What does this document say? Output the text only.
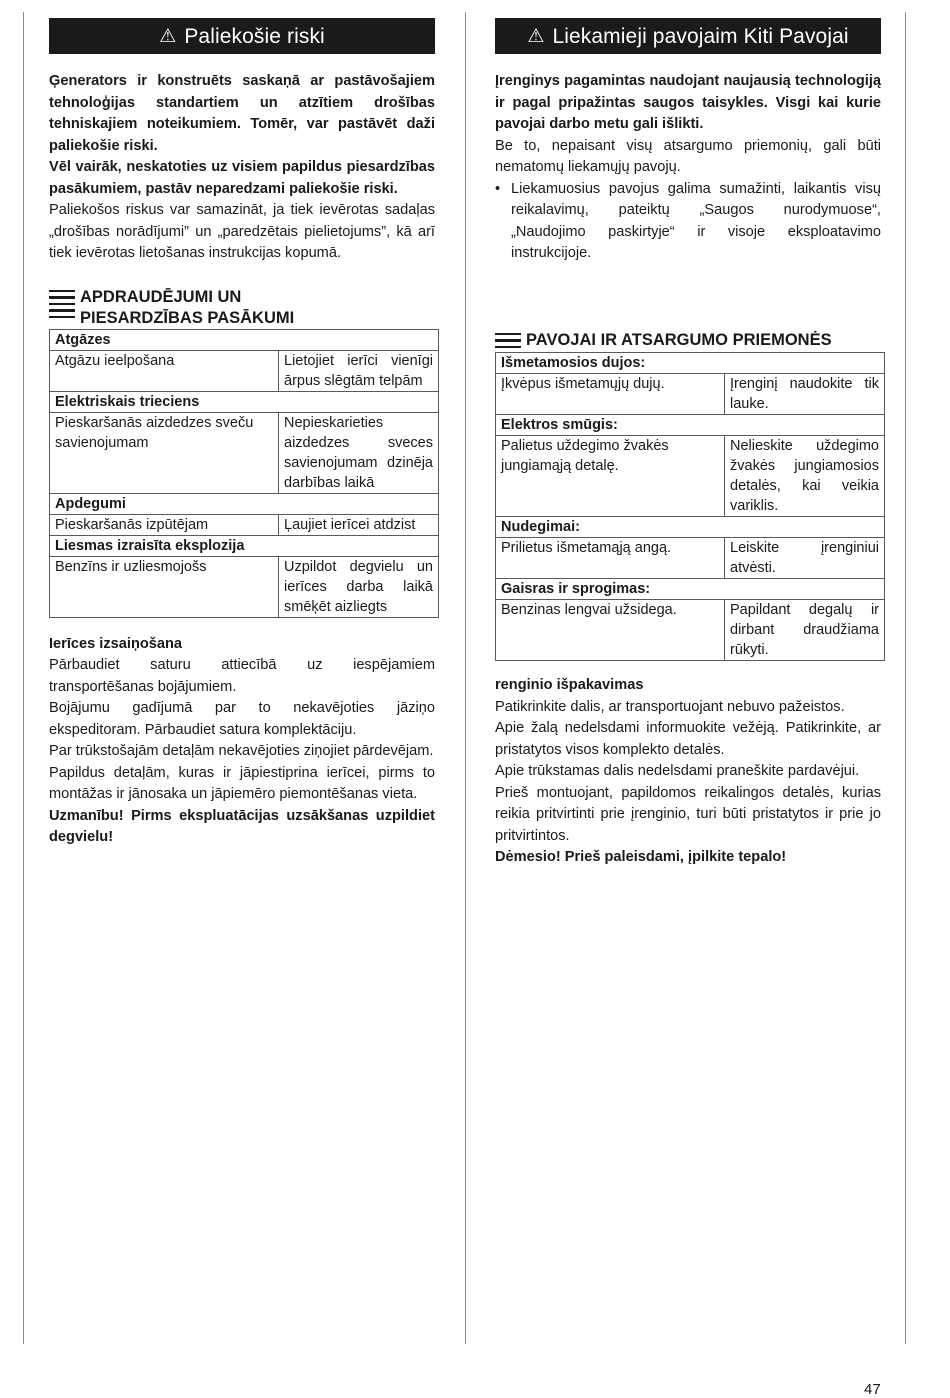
⚠ Paliekošie riski

Ģenerators ir konstruēts saskaņā ar pastāvošajiem tehnoloģijas standartiem un atzītiem drošības tehniskajiem noteikumiem. Tomēr, var pastāvēt daži paliekošie riski.

Vēl vairāk, neskatoties uz visiem papildus piesardzības pasākumiem, pastāv neparedzami paliekošie riski.

Paliekošos riskus var samazināt, ja tiek ievērotas sadaļas „drošības norādījumi” un „paredzētais pielietojums”, kā arī tiek ievērotas lietošanas instrukcijas kopumā.

APDRAUDĒJUMI UN
PIESARDZĪBAS PASĀKUMI
Atgāzes	
Atgāzu ieelpošana	Lietojiet ierīci vienīgi ārpus slēgtām telpām
Elektriskais trieciens	
Pieskaršanās aizdedzes sveču savienojumam	Nepieskarieties aizdedzes sveces savienojumam dzinēja darbības laikā
Apdegumi	
Pieskaršanās izpūtējam	Ļaujiet ierīcei atdzist
Liesmas izraisīta eksplozija	
Benzīns ir uzliesmojošs	Uzpildot degvielu un ierīces darba laikā smēķēt aizliegts
Ierīces izsaiņošana

Pārbaudiet saturu attiecībā uz iespējamiem transportēšanas bojājumiem.

Bojājumu gadījumā par to nekavējoties jāziņo ekspeditoram. Pārbaudiet satura komplektāciju.

Par trūkstošajām detaļām nekavējoties ziņojiet pārdevējam.

Papildus detaļām, kuras ir jāpiestiprina ierīcei, pirms to montāžas ir jānosaka un jāpiemēro piemontēšanas vieta.

Uzmanību! Pirms ekspluatācijas uzsākšanas uzpildiet degvielu!

⚠ Liekamieji pavojaim Kiti Pavojai

Įrenginys pagamintas naudojant naujausią technologiją ir pagal pripažintas saugos taisykles. Visgi kai kurie pavojai darbo metu gali išlikti.

Be to, nepaisant visų atsargumo priemonių, gali būti nematomų liekamųjų pavojų.

• Liekamuosius pavojus galima sumažinti, laikantis visų reikalavimų, pateiktų „Saugos nurodymuose“, „Naudojimo paskirtyje“ ir visoje eksploatavimo instrukcijoje.
PAVOJAI IR ATSARGUMO PRIEMONĖS
Išmetamosios dujos:	
Įkvėpus išmetamųjų dujų.	Įrenginį naudokite tik lauke.
Elektros smūgis:	
Palietus uždegimo žvakės jungiamąją detalę.	Nelieskite uždegimo žvakės jungiamosios detalės, kai veikia variklis.
Nudegimai:	
Prilietus išmetamąją angą.	Leiskite įrenginiui atvėsti.
Gaisras ir sprogimas:	
Benzinas lengvai užsidega.	Papildant degalų ir dirbant draudžiama rūkyti.
renginio išpakavimas

Patikrinkite dalis, ar transportuojant nebuvo pažeistos.

Apie žalą nedelsdami informuokite vežėją. Patikrinkite, ar pristatytos visos komplekto detalės.

Apie trūkstamas dalis nedelsdami praneškite pardavėjui.

Prieš montuojant, papildomos reikalingos detalės, kurias reikia pritvirtinti prie įrenginio, turi būti pristatytos ir prie jo pritvirtintos.

Dėmesio! Prieš paleisdami, įpilkite tepalo!

47
